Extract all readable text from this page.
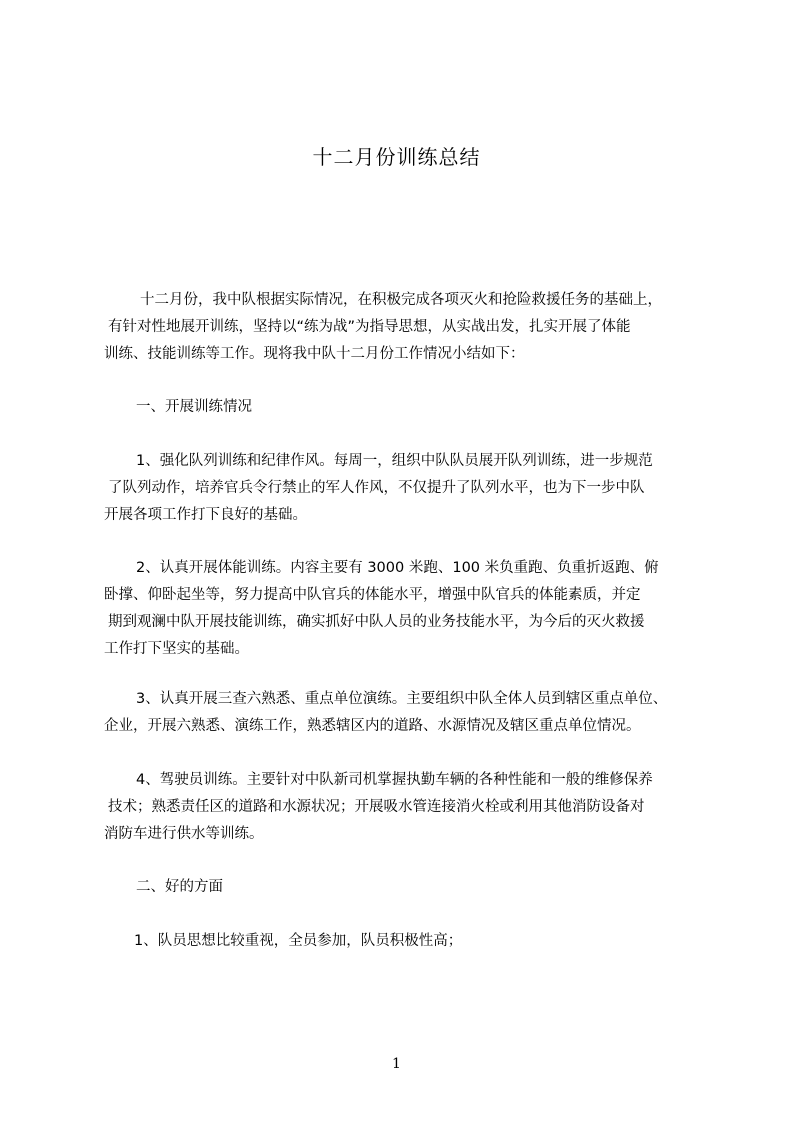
十二月份训练总结
十二月份，我中队根据实际情况，在积极完成各项灭火和抢险救援任务的基础上，
有针对性地展开训练，坚持以“练为战”为指导思想，从实战出发，扎实开展了体能
训练、技能训练等工作。现将我中队十二月份工作情况小结如下：
一、开展训练情况
1、强化队列训练和纪律作风。每周一，组织中队队员展开队列训练，进一步规范
了队列动作，培养官兵令行禁止的军人作风，不仅提升了队列水平，也为下一步中队
开展各项工作打下良好的基础。
2、认真开展体能训练。内容主要有 3000 米跑、100 米负重跑、负重折返跑、俯
卧撑、仰卧起坐等，努力提高中队官兵的体能水平，增强中队官兵的体能素质，并定
期到观澜中队开展技能训练，确实抓好中队人员的业务技能水平，为今后的灭火救援
工作打下坚实的基础。
3、认真开展三查六熟悉、重点单位演练。主要组织中队全体人员到辖区重点单位、
企业，开展六熟悉、演练工作，熟悉辖区内的道路、水源情况及辖区重点单位情况。
4、驾驶员训练。主要针对中队新司机掌握执勤车辆的各种性能和一般的维修保养
技术；熟悉责任区的道路和水源状况；开展吸水管连接消火栓或利用其他消防设备对
消防车进行供水等训练。
二、好的方面
1、队员思想比较重视，全员参加，队员积极性高；
1
